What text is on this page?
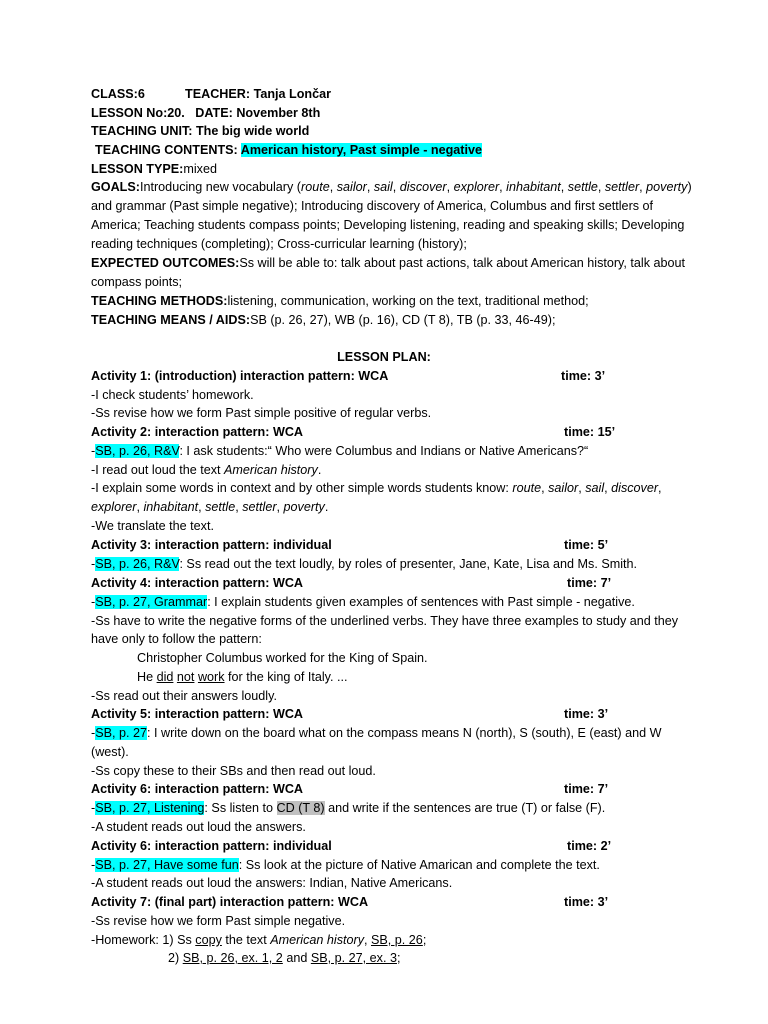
CLASS:6	TEACHER: Tanja Lončar
LESSON No:20. DATE: November 8th
TEACHING UNIT: The big wide world
TEACHING CONTENTS: American history, Past simple - negative
LESSON TYPE:mixed
GOALS:Introducing new vocabulary (route, sailor, sail, discover, explorer, inhabitant, settle, settler, poverty)
and grammar (Past simple negative); Introducing discovery of America, Columbus and first settlers of
America; Teaching students compass points; Developing listening, reading and speaking skills; Developing
reading techniques (completing); Cross-curricular learning (history);
EXPECTED OUTCOMES:Ss will be able to: talk about past actions, talk about American history, talk about
compass points;
TEACHING METHODS:listening, communication, working on the text, traditional method;
TEACHING MEANS / AIDS:SB (p. 26, 27), WB (p. 16), CD (T 8), TB (p. 33, 46-49);
LESSON PLAN:
Activity 1: (introduction) interaction pattern: WCA	time: 3’
-I check students’ homework.
-Ss revise how we form Past simple positive of regular verbs.
Activity 2: interaction pattern: WCA	time: 15’
-SB, p. 26, R&V: I ask students:“ Who were Columbus and Indians or Native Americans?“
-I read out loud the text American history.
-I explain some words in context and by other simple words students know: route, sailor, sail, discover,
explorer, inhabitant, settle, settler, poverty.
-We translate the text.
Activity 3: interaction pattern: individual	time: 5’
-SB, p. 26, R&V: Ss read out the text loudly, by roles of presenter, Jane, Kate, Lisa and Ms. Smith.
Activity 4: interaction pattern: WCA	time: 7’
-SB, p. 27, Grammar: I explain students given examples of sentences with Past simple - negative.
-Ss have to write the negative forms of the underlined verbs. They have three examples to study and they
have only to follow the pattern:
Christopher Columbus worked for the King of Spain.
He did not work for the king of Italy. ...
-Ss read out their answers loudly.
Activity 5: interaction pattern: WCA	time: 3’
-SB, p. 27: I write down on the board what on the compass means N (north), S (south), E (east) and W
(west).
-Ss copy these to their SBs and then read out loud.
Activity 6: interaction pattern: WCA	time: 7’
-SB, p. 27, Listening: Ss listen to CD (T 8) and write if the sentences are true (T) or false (F).
-A student reads out loud the answers.
Activity 6: interaction pattern: individual	time: 2’
-SB, p. 27, Have some fun: Ss look at the picture of Native Amarican and complete the text.
-A student reads out loud the answers: Indian, Native Americans.
Activity 7: (final part) interaction pattern: WCA	time: 3’
-Ss revise how we form Past simple negative.
-Homework: 1) Ss copy the text American history, SB, p. 26;
2) SB, p. 26, ex. 1, 2 and SB, p. 27, ex. 3;
